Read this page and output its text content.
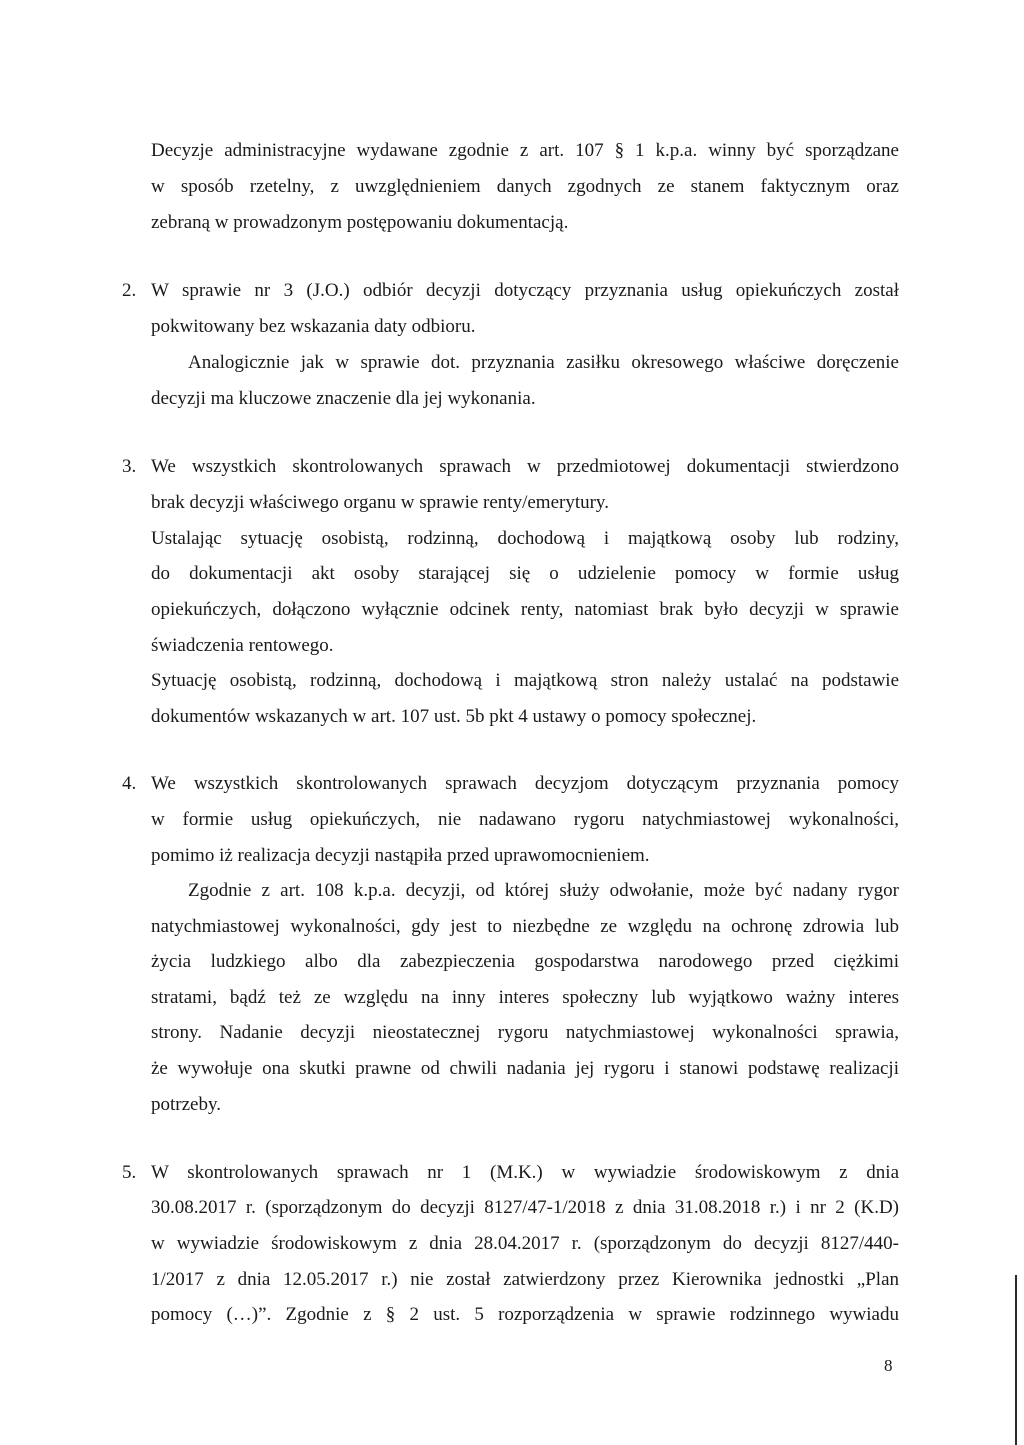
Decyzje administracyjne wydawane zgodnie z art. 107 § 1 k.p.a. winny być sporządzane
w sposób rzetelny, z uwzględnieniem danych zgodnych ze stanem faktycznym oraz
zebraną w prowadzonym postępowaniu dokumentacją.
2. W sprawie nr 3 (J.O.) odbiór decyzji dotyczący przyznania usług opiekuńczych został
pokwitowany bez wskazania daty odbioru.
Analogicznie jak w sprawie dot. przyznania zasiłku okresowego właściwe doręczenie
decyzji ma kluczowe znaczenie dla jej wykonania.
3. We wszystkich skontrolowanych sprawach w przedmiotowej dokumentacji stwierdzono
brak decyzji właściwego organu w sprawie renty/emerytury.
Ustalając sytuację osobistą, rodzinną, dochodową i majątkową osoby lub rodziny,
do dokumentacji akt osoby starającej się o udzielenie pomocy w formie usług
opiekuńczych, dołączono wyłącznie odcinek renty, natomiast brak było decyzji w sprawie
świadczenia rentowego.
Sytuację osobistą, rodzinną, dochodową i majątkową stron należy ustalać na podstawie
dokumentów wskazanych w art. 107 ust. 5b pkt 4 ustawy o pomocy społecznej.
4. We wszystkich skontrolowanych sprawach decyzjom dotyczącym przyznania pomocy
w formie usług opiekuńczych, nie nadawano rygoru natychmiastowej wykonalności,
pomimo iż realizacja decyzji nastąpiła przed uprawomocnieniem.
Zgodnie z art. 108 k.p.a. decyzji, od której służy odwołanie, może być nadany rygor
natychmiastowej wykonalności, gdy jest to niezbędne ze względu na ochronę zdrowia lub
życia ludzkiego albo dla zabezpieczenia gospodarstwa narodowego przed ciężkimi
stratami, bądź też ze względu na inny interes społeczny lub wyjątkowo ważny interes
strony. Nadanie decyzji nieostatecznej rygoru natychmiastowej wykonalności sprawia,
że wywołuje ona skutki prawne od chwili nadania jej rygoru i stanowi podstawę realizacji
potrzeby.
5. W skontrolowanych sprawach nr 1 (M.K.) w wywiadzie środowiskowym z dnia
30.08.2017 r. (sporządzonym do decyzji 8127/47-1/2018 z dnia 31.08.2018 r.) i nr 2 (K.D)
w wywiadzie środowiskowym z dnia 28.04.2017 r. (sporządzonym do decyzji 8127/440-
1/2017 z dnia 12.05.2017 r.) nie został zatwierdzony przez Kierownika jednostki „Plan
pomocy (…)”. Zgodnie z § 2 ust. 5 rozporządzenia w sprawie rodzinnego wywiadu
8
